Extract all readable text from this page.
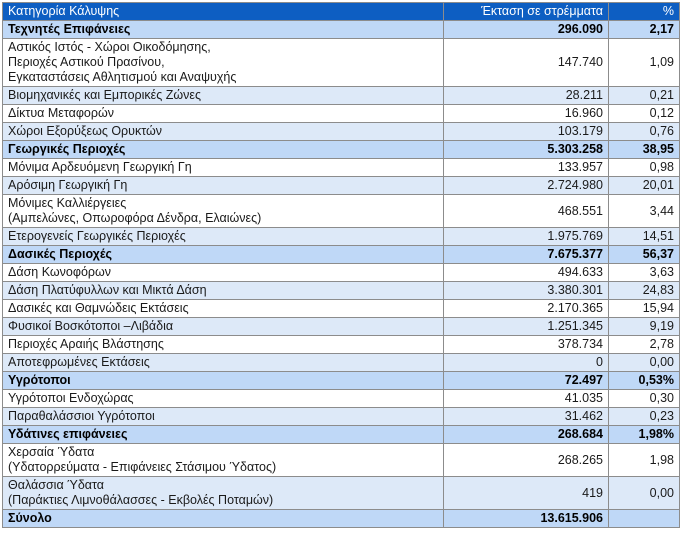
Κατηγορία Κάλυψης	Έκταση σε στρέμματα	%

Τεχνητές Επιφάνειες	296.090	2,17

Αστικός Ιστός - Χώροι Οικοδόμησης,
Περιοχές Αστικού Πρασίνου,
Εγκαταστάσεις Αθλητισμού και Αναψυχής	147.740	1,09

Βιομηχανικές και Εμπορικές Ζώνες	28.211	0,21

Δίκτυα Μεταφορών	16.960	0,12

Χώροι Εξορύξεως Ορυκτών	103.179	0,76

Γεωργικές Περιοχές	5.303.258	38,95

Μόνιμα Αρδευόμενη Γεωργική Γη	133.957	0,98

Αρόσιμη Γεωργική Γη	2.724.980	20,01

Μόνιμες Καλλιέργειες
(Αμπελώνες, Οπωροφόρα Δένδρα, Ελαιώνες)	468.551	3,44

Ετερογενείς Γεωργικές Περιοχές	1.975.769	14,51

Δασικές Περιοχές	7.675.377	56,37

Δάση Κωνοφόρων	494.633	3,63

Δάση Πλατύφυλλων και Μικτά Δάση	3.380.301	24,83

Δασικές και Θαμνώδεις Εκτάσεις	2.170.365	15,94

Φυσικοί Βοσκότοποι –Λιβάδια	1.251.345	9,19

Περιοχές Αραιής Βλάστησης	378.734	2,78

Αποτεφρωμένες Εκτάσεις	0	0,00

Υγρότοποι	72.497	0,53%

Υγρότοποι Ενδοχώρας	41.035	0,30

Παραθαλάσσιοι Υγρότοποι	31.462	0,23

Υδάτινες επιφάνειες	268.684	1,98%

Χερσαία Ύδατα
(Υδατορρεύματα - Επιφάνειες Στάσιμου Ύδατος)	268.265	1,98

Θαλάσσια Ύδατα
(Παράκτιες Λιμνοθάλασσες - Εκβολές Ποταμών)	419	0,00

Σύνολο	13.615.906	
